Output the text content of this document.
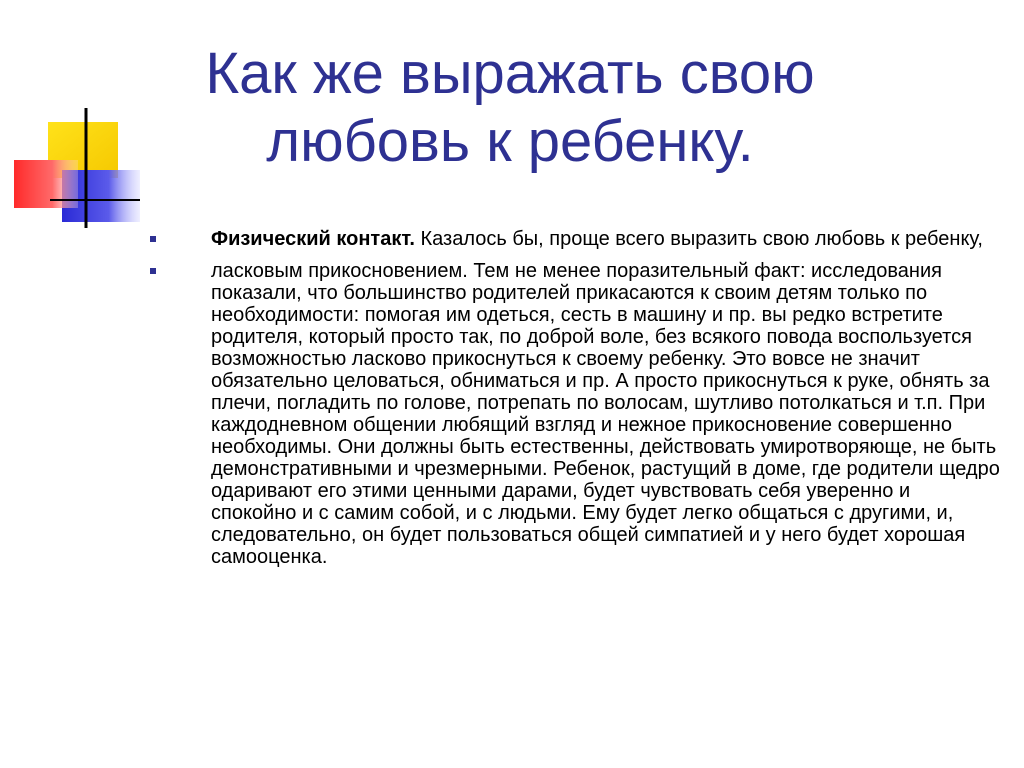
Как же выражать свою
любовь к ребенку.
Физический контакт. Казалось бы, проще всего выразить свою любовь к ребенку,
ласковым прикосновением. Тем не менее поразительный факт: исследования показали, что большинство родителей прикасаются к своим детям только по необходимости: помогая им одеться, сесть в машину и пр. вы редко встретите родителя, который просто так, по доброй воле, без всякого повода воспользуется возможностью ласково прикоснуться к своему ребенку. Это вовсе не значит обязательно целоваться, обниматься и пр. А просто прикоснуться к руке, обнять за плечи, погладить по голове, потрепать по волосам, шутливо потолкаться и т.п. При каждодневном общении любящий взгляд и нежное прикосновение совершенно необходимы. Они должны быть естественны, действовать умиротворяюще, не быть демонстративными и чрезмерными. Ребенок, растущий в доме, где родители щедро одаривают его этими ценными дарами, будет чувствовать себя уверенно и спокойно и с самим собой, и с людьми. Ему будет легко общаться с другими, и, следовательно, он будет пользоваться общей симпатией и у него будет хорошая самооценка.
